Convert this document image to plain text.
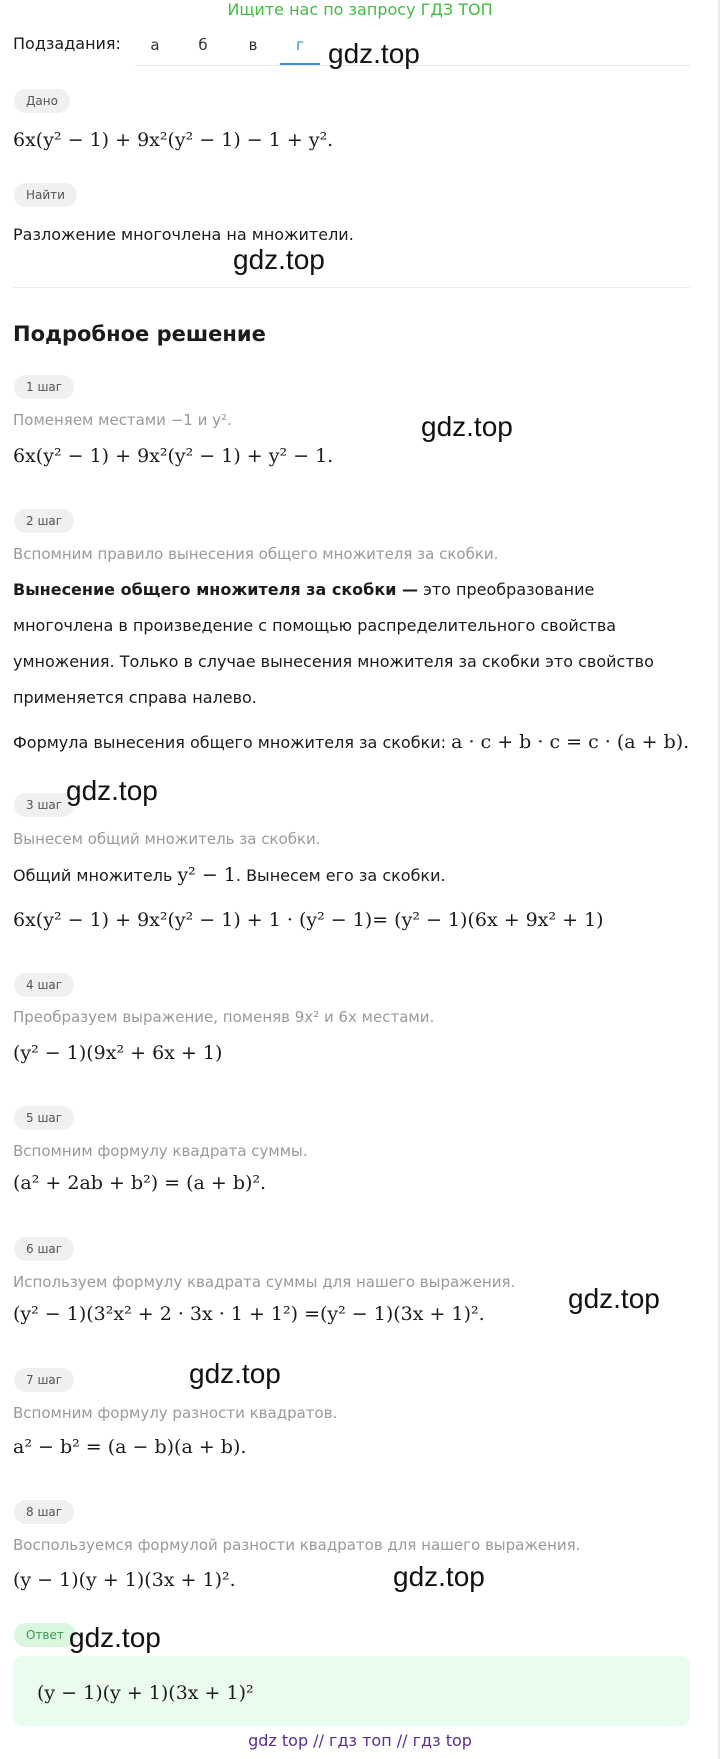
Ищите нас по запросу ГДЗ ТОП
Подзадания:	а	б	в	г gdz.top
Дано
6x(y² − 1) + 9x²(y² − 1) − 1 + y².
Найти
Разложение многочлена на множители.
gdz.top
Подробное решение
1 шаг
Поменяем местами −1 и y².
6x(y² − 1) + 9x²(y² − 1) + y² − 1.
gdz.top
2 шаг
Вспомним правило вынесения общего множителя за скобки.
Вынесение общего множителя за скобки — это преобразование многочлена в произведение с помощью распределительного свойства умножения. Только в случае вынесения множителя за скобки это свойство применяется справа налево.
Формула вынесения общего множителя за скобки: a · c + b · c = c · (a + b).
3 шаг gdz.top
Вынесем общий множитель за скобки.
Общий множитель y² − 1. Вынесем его за скобки.
6x(y² − 1) + 9x²(y² − 1) + 1 · (y² − 1)= (y² − 1)(6x + 9x² + 1)
4 шаг
Преобразуем выражение, поменяв 9x² и 6x местами.
(y² − 1)(9x² + 6x + 1)
5 шаг
Вспомним формулу квадрата суммы.
(a² + 2ab + b²) = (a + b)².
6 шаг
Используем формулу квадрата суммы для нашего выражения.
(y² − 1)(3²x² + 2 · 3x · 1 + 1²) =(y² − 1)(3x + 1)².	gdz.top
7 шаг	gdz.top
Вспомним формулу разности квадратов.
a² − b² = (a − b)(a + b).
8 шаг
Воспользуемся формулой разности квадратов для нашего выражения.
(y − 1)(y + 1)(3x + 1)².	gdz.top
Ответ gdz.top
(y − 1)(y + 1)(3x + 1)²
gdz top // гдз топ // гдз top
